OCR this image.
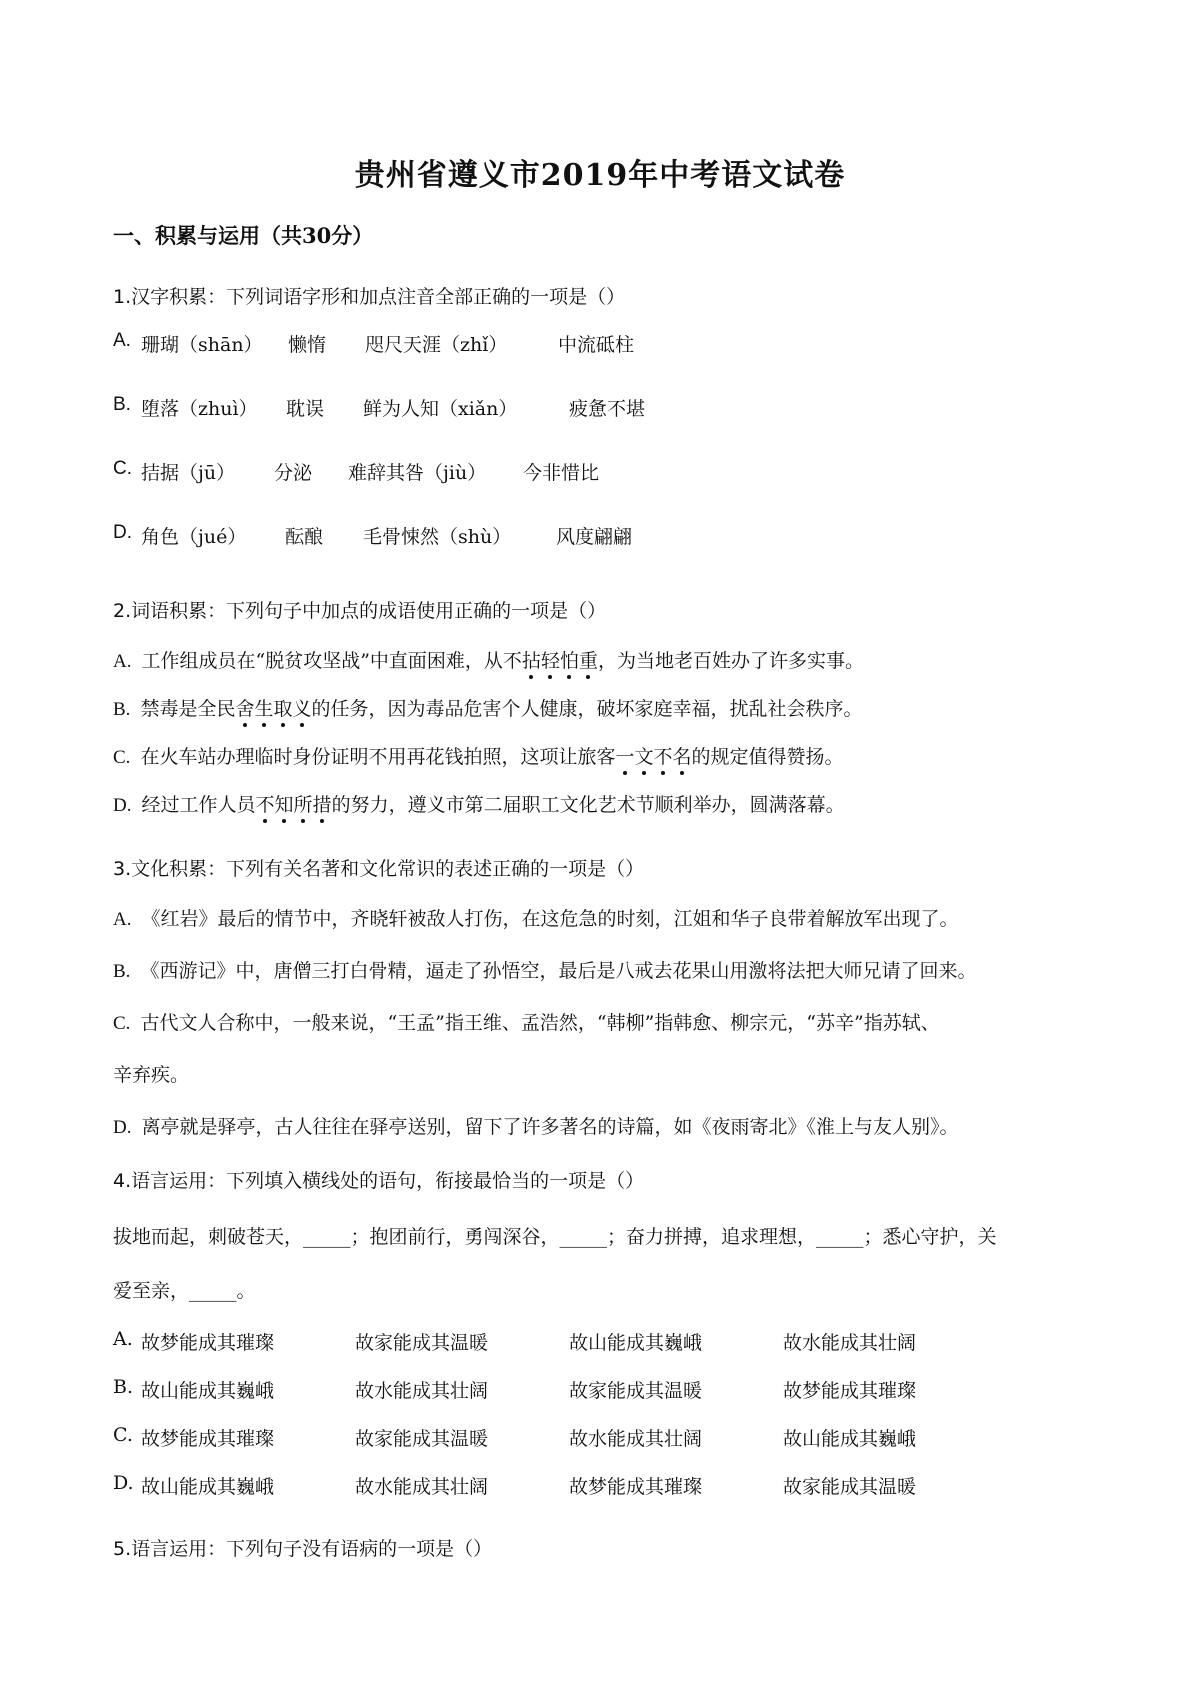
贵州省遵义市2019年中考语文试卷
一、积累与运用（共30分）
1.汉字积累：下列词语字形和加点注音全部正确的一项是（）
A. 珊瑚（shān） 懒惰 咫尺天涯（zhǐ）	中流砥柱
B. 堕落（zhuì） 耽误 鲜为人知（xiǎn）	疲惫不堪
C. 拮据（jū） 分泌 难辞其咎（jiù） 今非惜比
D. 角色（jué） 酝酿 毛骨悚然（shù） 风度翩翩
2.词语积累：下列句子中加点的成语使用正确的一项是（）
A. 工作组成员在“脱贫攻坚战”中直面困难，从不拈轻怕重，为当地老百姓办了许多实事。
B. 禁毒是全民舍生取义的任务，因为毒品危害个人健康，破坏家庭幸福，扰乱社会秩序。
C. 在火车站办理临时身份证明不用再花钱拍照，这项让旅客一文不名的规定值得赞扬。
D. 经过工作人员不知所措的努力，遵义市第二届职工文化艺术节顺利举办，圆满落幕。
3.文化积累：下列有关名著和文化常识的表述正确的一项是（）
A. 《红岩》最后的情节中，齐晓轩被敌人打伤，在这危急的时刻，江姐和华子良带着解放军出现了。
B. 《西游记》中，唐僧三打白骨精，逼走了孙悟空，最后是八戒去花果山用激将法把大师兄请了回来。
C. 古代文人合称中，一般来说，“王孟”指王维、孟浩然，“韩柳”指韩愈、柳宗元，“苏辛”指苏轼、
辛弃疾。
D. 离亭就是驿亭，古人往往在驿亭送别，留下了许多著名的诗篇，如《夜雨寄北》《淮上与友人别》。
4.语言运用：下列填入横线处的语句，衔接最恰当的一项是（）
拔地而起，刺破苍天，_____；抱团前行，勇闯深谷，_____；奋力拼搏，追求理想，_____；悉心守护，关
爱至亲，_____。
A. 故梦能成其璀璨	故家能成其温暖	故山能成其巍峨	故水能成其壮阔
B. 故山能成其巍峨	故水能成其壮阔	故家能成其温暖	故梦能成其璀璨
C. 故梦能成其璀璨	故家能成其温暖	故水能成其壮阔	故山能成其巍峨
D. 故山能成其巍峨	故水能成其壮阔	故梦能成其璀璨	故家能成其温暖
5.语言运用：下列句子没有语病的一项是（）
